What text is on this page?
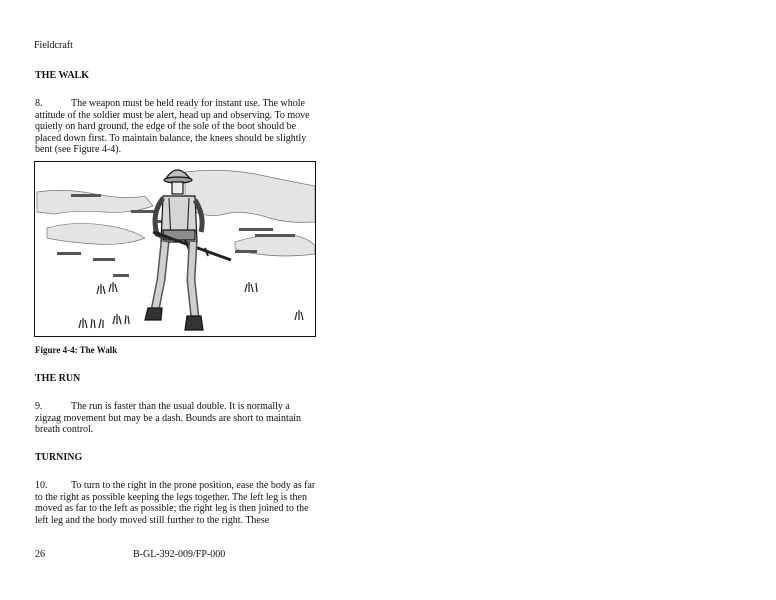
Fieldcraft
THE WALK
8.	The weapon must be held ready for instant use. The whole
attitude of the soldier must be alert, head up and observing. To move
quietly on hard ground, the edge of the sole of the boot should be
placed down first. To maintain balance, the knees should be slightly
bent (see Figure 4-4).
Figure 4-4: The Walk
THE RUN
9.	The run is faster than the usual double. It is normally a
zigzag movement but may be a dash. Bounds are short to maintain
breath control.
TURNING
10. To turn to the right in the prone position, ease the body as far
to the right as possible keeping the legs together. The left leg is then
moved as far to the left as possible; the right leg is then joined to the
left leg and the body moved still further to the right. These
26	B-GL-392-009/FP-000
